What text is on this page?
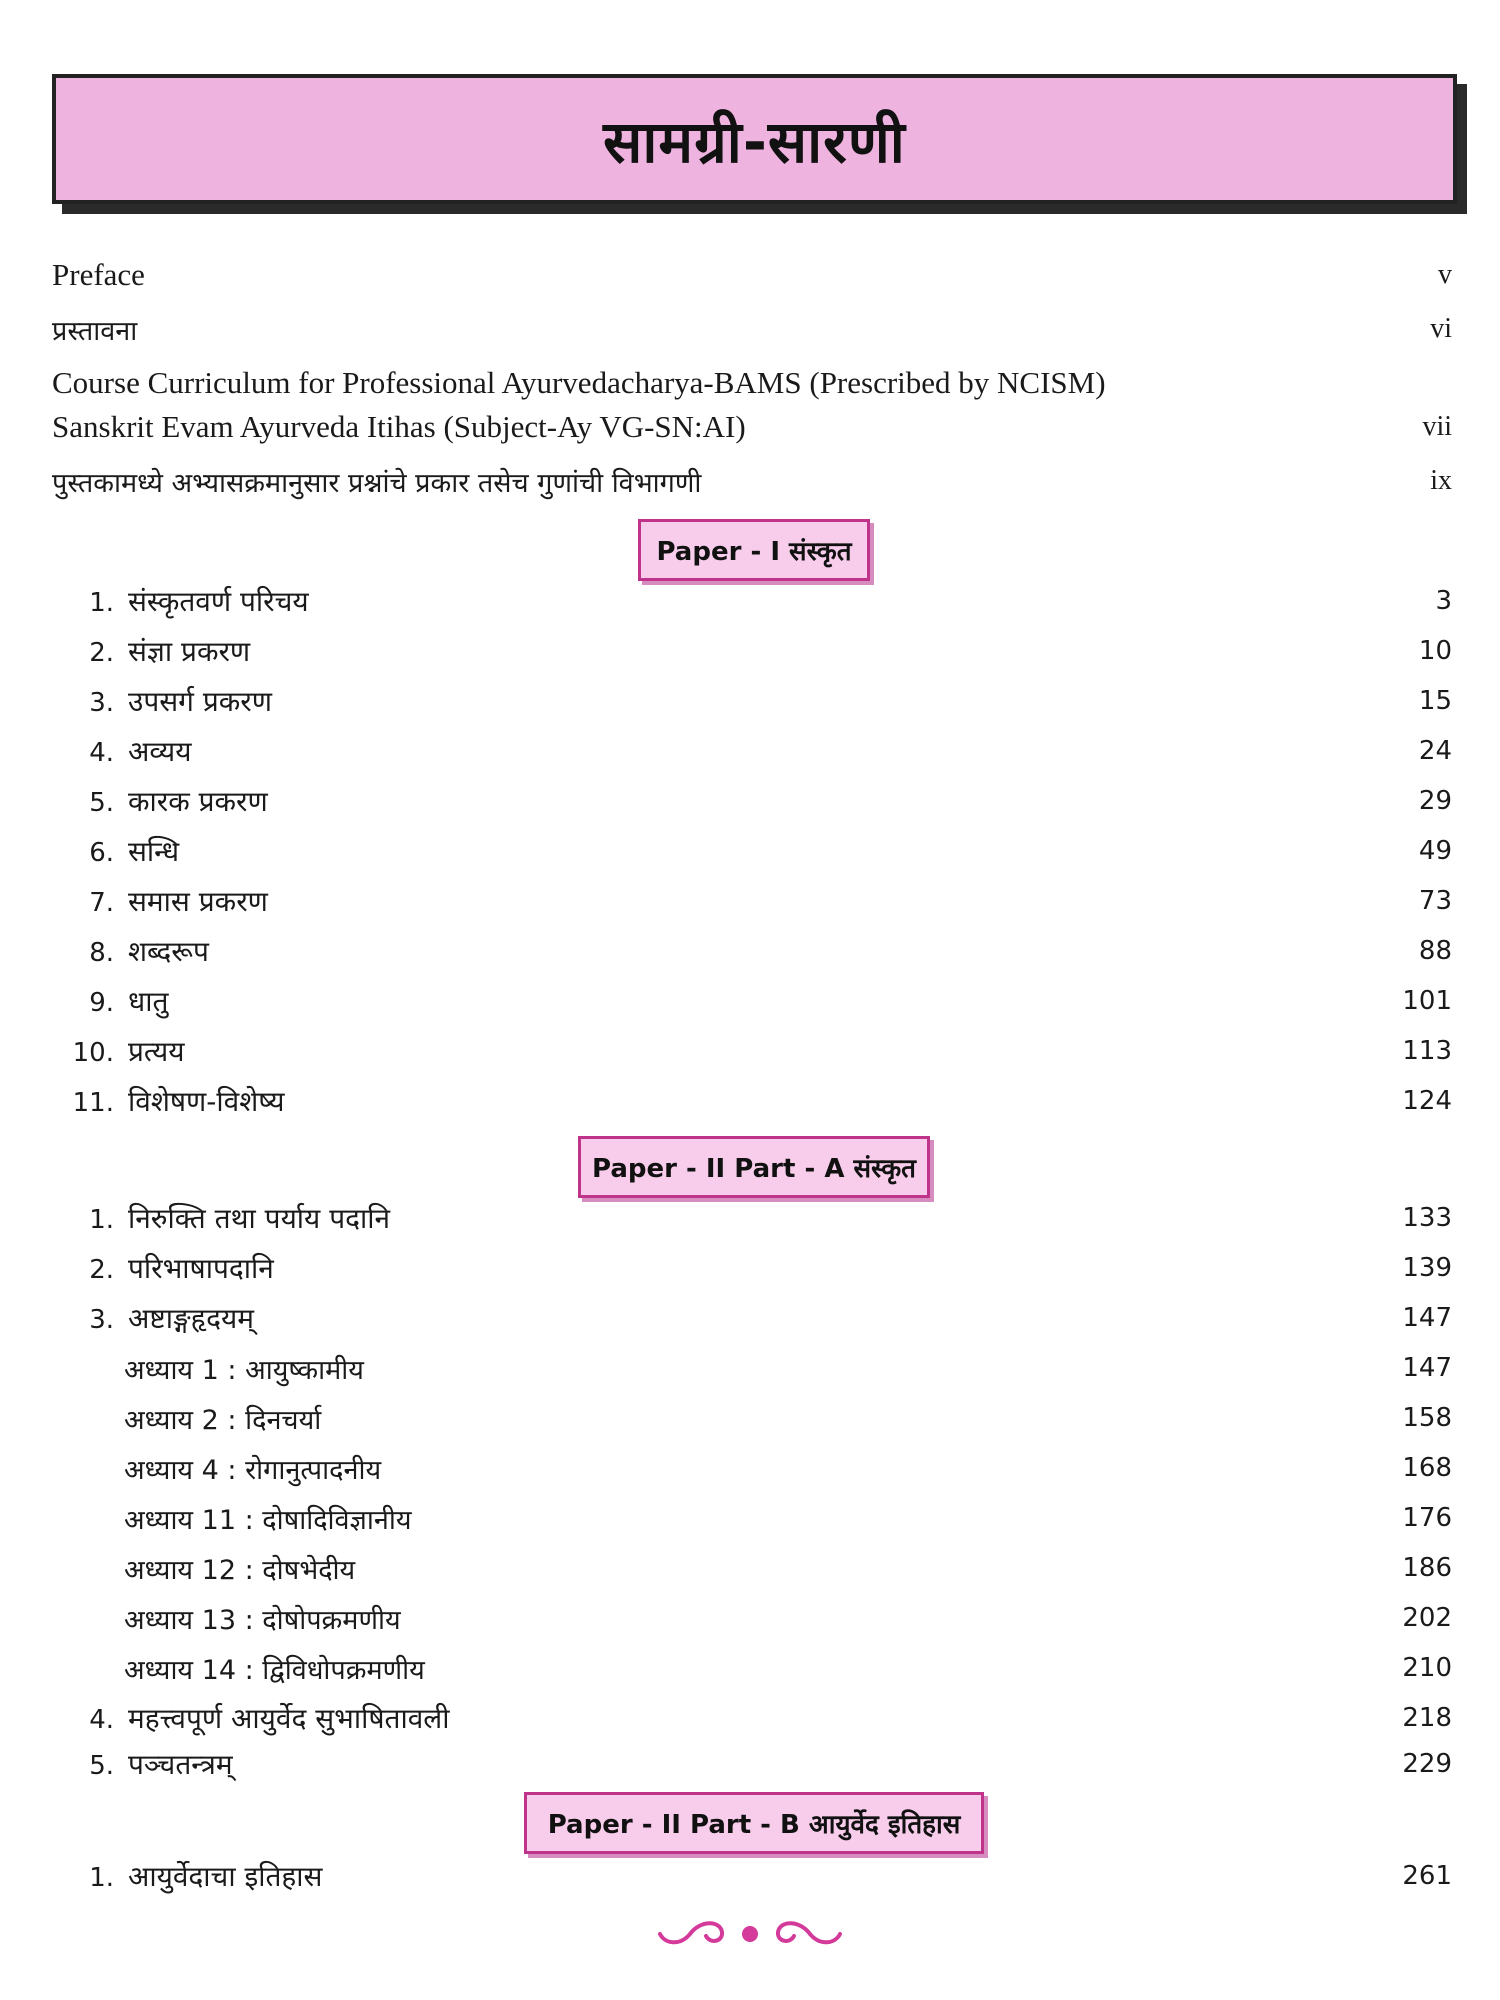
सामग्री-सारणी
Preface	v
प्रस्तावना	vi
Course Curriculum for Professional Ayurvedacharya-BAMS (Prescribed by NCISM)
Sanskrit Evam Ayurveda Itihas (Subject-Ay VG-SN:AI)	vii
पुस्तकामध्ये अभ्यासक्रमानुसार प्रश्नांचे प्रकार तसेच गुणांची विभागणी	ix
Paper - I संस्कृत
1. संस्कृतवर्ण परिचय	3
2. संज्ञा प्रकरण	10
3. उपसर्ग प्रकरण	15
4. अव्यय	24
5. कारक प्रकरण	29
6. सन्धि	49
7. समास प्रकरण	73
8. शब्दरूप	88
9. धातु	101
10. प्रत्यय	113
11. विशेषण-विशेष्य	124
Paper - II Part - A संस्कृत
1. निरुक्ति तथा पर्याय पदानि	133
2. परिभाषापदानि	139
3. अष्टाङ्गहृदयम्	147
अध्याय 1 : आयुष्कामीय	147
अध्याय 2 : दिनचर्या	158
अध्याय 4 : रोगानुत्पादनीय	168
अध्याय 11 : दोषादिविज्ञानीय	176
अध्याय 12 : दोषभेदीय	186
अध्याय 13 : दोषोपक्रमणीय	202
अध्याय 14 : द्विविधोपक्रमणीय	210
4. महत्त्वपूर्ण आयुर्वेद सुभाषितावली	218
5. पञ्चतन्त्रम्	229
Paper - II Part - B आयुर्वेद इतिहास
1. आयुर्वेदाचा इतिहास	261
